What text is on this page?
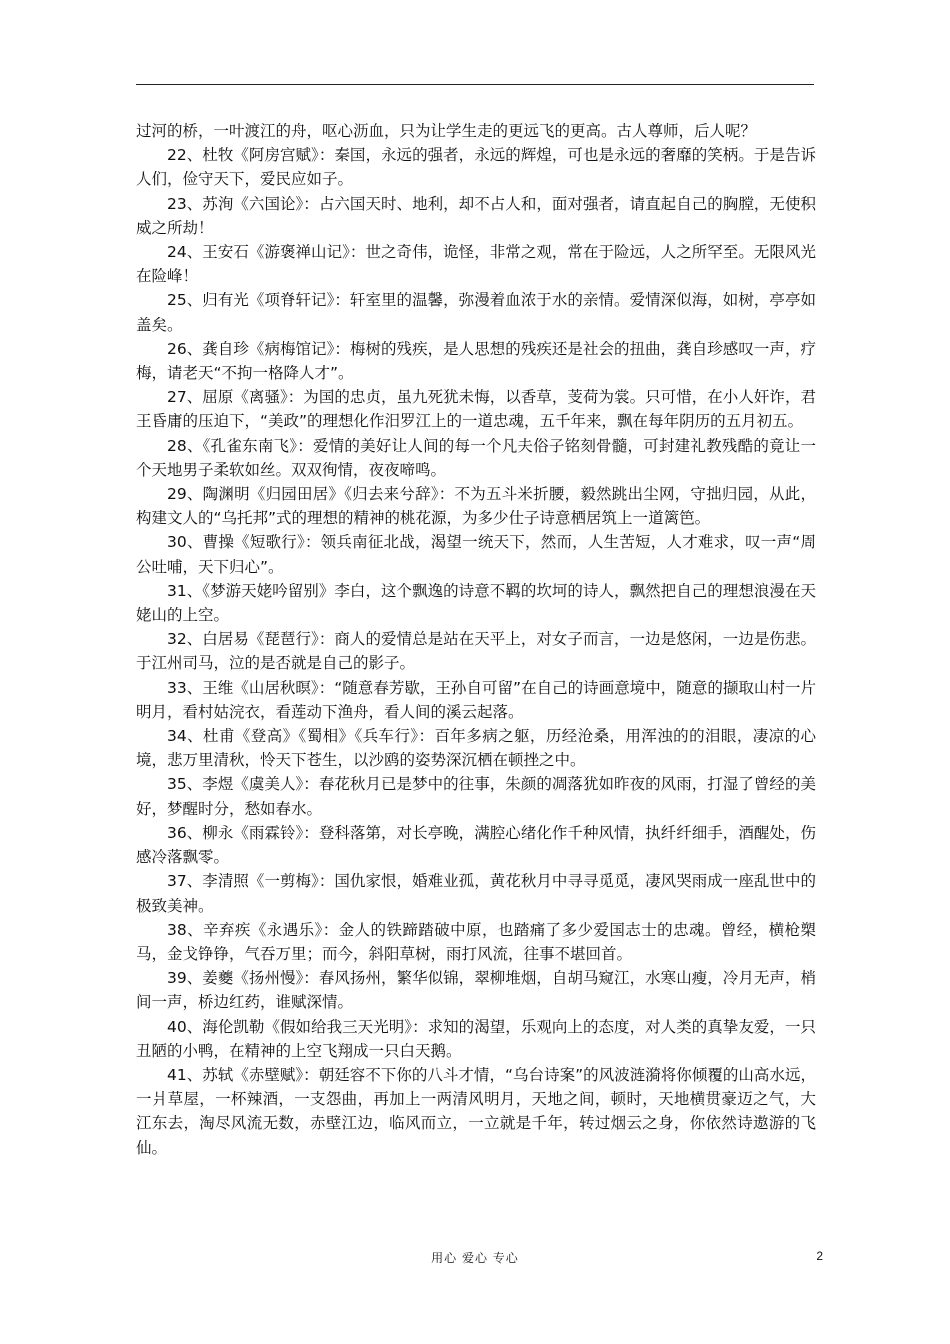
过河的桥，一叶渡江的舟，呕心沥血，只为让学生走的更远飞的更高。古人尊师，后人呢？

22、杜牧《阿房宫赋》：秦国，永远的强者，永远的辉煌，可也是永远的奢靡的笑柄。于是告诉人们，俭守天下，爱民应如子。

23、苏洵《六国论》：占六国天时、地利，却不占人和，面对强者，请直起自己的胸膛，无使积威之所劫！

24、王安石《游褒禅山记》：世之奇伟，诡怪，非常之观，常在于险远，人之所罕至。无限风光在险峰！

25、归有光《项脊轩记》：轩室里的温馨，弥漫着血浓于水的亲情。爱情深似海，如树，亭亭如盖矣。

26、龚自珍《病梅馆记》：梅树的残疾，是人思想的残疾还是社会的扭曲，龚自珍感叹一声，疗梅，请老天“不拘一格降人才”。

27、屈原《离骚》：为国的忠贞，虽九死犹未悔，以香草，芰荷为裳。只可惜，在小人奸诈，君王昏庸的压迫下，“美政”的理想化作汨罗江上的一道忠魂，五千年来，飘在每年阴历的五月初五。

28、《孔雀东南飞》：爱情的美好让人间的每一个凡夫俗子铭刻骨髓，可封建礼教残酷的竟让一个天地男子柔软如丝。双双徇情，夜夜啼鸣。

29、陶渊明《归园田居》《归去来兮辞》：不为五斗米折腰，毅然跳出尘网，守拙归园，从此，构建文人的“乌托邦”式的理想的精神的桃花源，为多少仕子诗意栖居筑上一道篱笆。

30、曹操《短歌行》：领兵南征北战，渴望一统天下，然而，人生苦短，人才难求，叹一声“周公吐哺，天下归心”。

31、《梦游天姥吟留别》李白，这个飘逸的诗意不羁的坎坷的诗人，飘然把自己的理想浪漫在天姥山的上空。

32、白居易《琵琶行》：商人的爱情总是站在天平上，对女子而言，一边是悠闲，一边是伤悲。于江州司马，泣的是否就是自己的影子。

33、王维《山居秋暝》：“随意春芳歇，王孙自可留”在自己的诗画意境中，随意的撷取山村一片明月，看村姑浣衣，看莲动下渔舟，看人间的溪云起落。

34、杜甫《登高》《蜀相》《兵车行》：百年多病之躯，历经沧桑，用浑浊的的泪眼，凄凉的心境，悲万里清秋，怜天下苍生，以沙鸥的姿势深沉栖在顿挫之中。

35、李煜《虞美人》：春花秋月已是梦中的往事，朱颜的凋落犹如昨夜的风雨，打湿了曾经的美好，梦醒时分，愁如春水。

36、柳永《雨霖铃》：登科落第，对长亭晚，满腔心绪化作千种风情，执纤纤细手，酒醒处，伤感冷落飘零。

37、李清照《一剪梅》：国仇家恨，婚难业孤，黄花秋月中寻寻觅觅，凄风哭雨成一座乱世中的极致美神。

38、辛弃疾《永遇乐》：金人的铁蹄踏破中原，也踏痛了多少爱国志士的忠魂。曾经，横枪槊马，金戈铮铮，气吞万里；而今，斜阳草树，雨打风流，往事不堪回首。

39、姜夔《扬州慢》：春风扬州，繁华似锦，翠柳堆烟，自胡马窥江，水寒山瘦，冷月无声，梢间一声，桥边红药，谁赋深情。

40、海伦凯勒《假如给我三天光明》：求知的渴望，乐观向上的态度，对人类的真挚友爱，一只丑陋的小鸭，在精神的上空飞翔成一只白天鹅。

41、苏轼《赤壁赋》：朝廷容不下你的八斗才情，“乌台诗案”的风波涟漪将你倾覆的山高水远，一爿草屋，一杯辣酒，一支怨曲，再加上一两清风明月，天地之间，顿时，天地横贯豪迈之气，大江东去，淘尽风流无数，赤壁江边，临风而立，一立就是千年，转过烟云之身，你依然诗遨游的飞仙。

用心 爱心 专心	2
